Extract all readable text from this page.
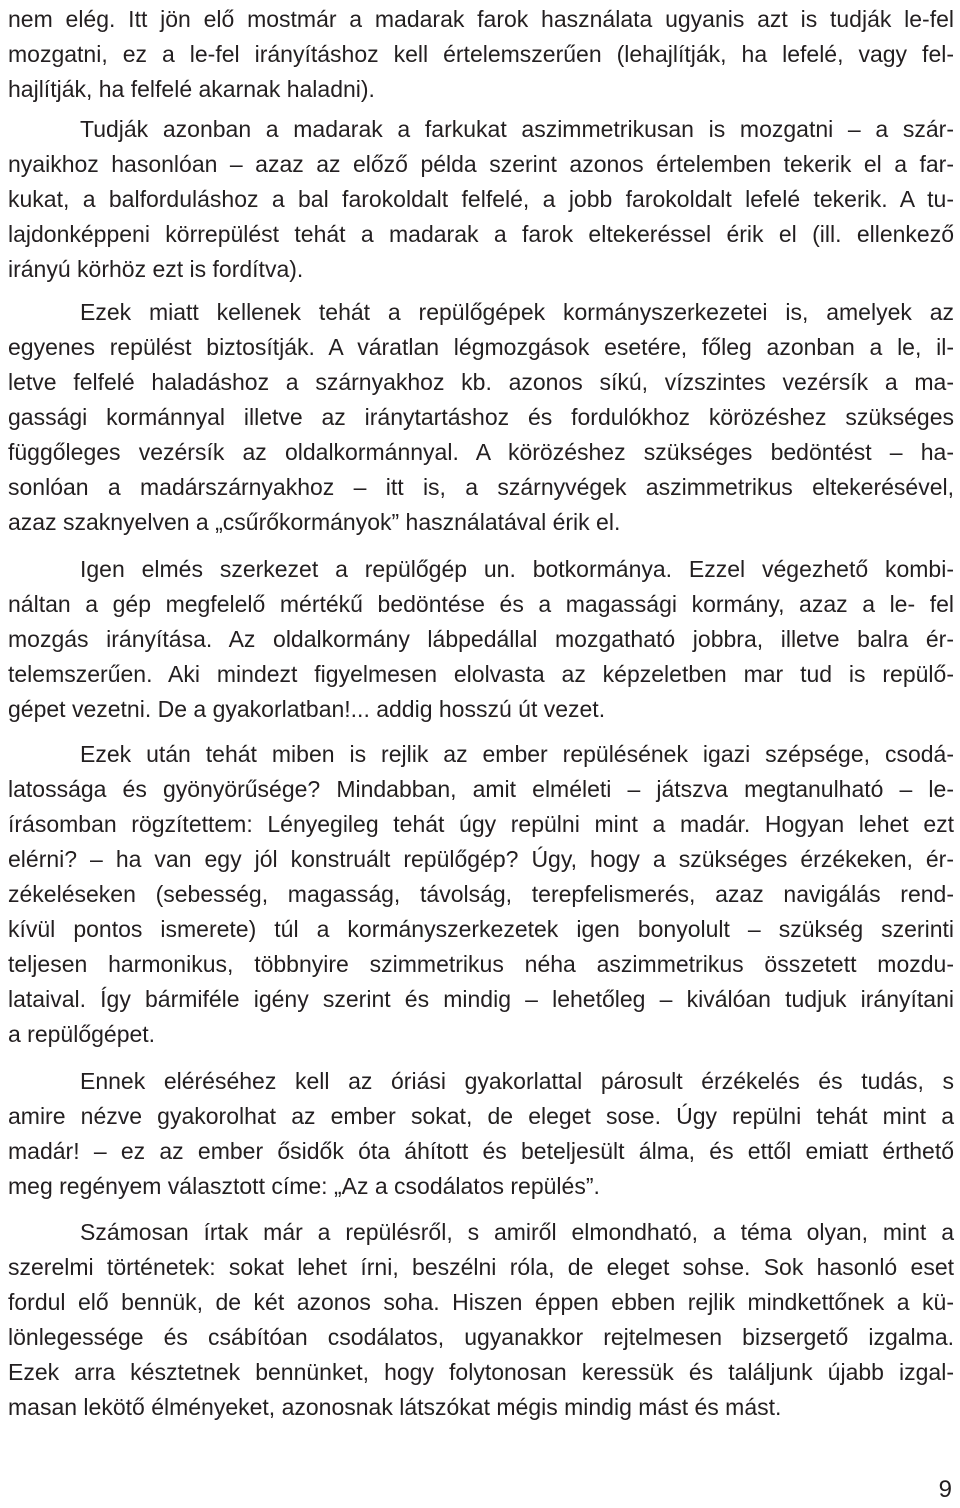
nem elég. Itt jön elő mostmár a madarak farok használata ugyanis azt is tudják le-fel
mozgatni, ez a le-fel irányításhoz kell értelemszerűen (lehajlítják, ha lefelé, vagy fel-
hajlítják, ha felfelé akarnak haladni).
Tudják azonban a madarak a farkukat aszimmetrikusan is mozgatni – a szár-
nyaikhoz hasonlóan – azaz az előző példa szerint azonos értelemben tekerik el a far-
kukat, a balforduláshoz a bal farokoldalt felfelé, a jobb farokoldalt lefelé tekerik. A tu-
lajdonképpeni körrepülést tehát a madarak a farok eltekeréssel érik el (ill. ellenkező
irányú körhöz ezt is fordítva).
Ezek miatt kellenek tehát a repülőgépek kormányszerkezetei is, amelyek az
egyenes repülést biztosítják. A váratlan légmozgások esetére, főleg azonban a le, il-
letve felfelé haladáshoz a szárnyakhoz kb. azonos síkú, vízszintes vezérsík a ma-
gassági kormánnyal illetve az iránytartáshoz és fordulókhoz körözéshez szükséges
függőleges vezérsík az oldalkormánnyal. A körözéshez szükséges bedöntést – ha-
sonlóan a madárszárnyakhoz – itt is, a szárnyvégek aszimmetrikus eltekerésével,
azaz szaknyelven a „csűrőkormányok” használatával érik el.
Igen elmés szerkezet a repülőgép un. botkormánya. Ezzel végezhető kombi-
náltan a gép megfelelő mértékű bedöntése és a magassági kormány, azaz a le- fel
mozgás irányítása. Az oldalkormány lábpedállal mozgatható jobbra, illetve balra ér-
telemszerűen. Aki mindezt figyelmesen elolvasta az képzeletben mar tud is repülő-
gépet vezetni. De a gyakorlatban!... addig hosszú út vezet.
Ezek után tehát miben is rejlik az ember repülésének igazi szépsége, csodá-
latossága és gyönyörűsége? Mindabban, amit elméleti – játszva megtanulható – le-
írásomban rögzítettem: Lényegileg tehát úgy repülni mint a madár. Hogyan lehet ezt
elérni? – ha van egy jól konstruált repülőgép? Úgy, hogy a szükséges érzékeken, ér-
zékeléseken (sebesség, magasság, távolság, terepfelismerés, azaz navigálás rend-
kívül pontos ismerete) túl a kormányszerkezetek igen bonyolult – szükség szerinti
teljesen harmonikus, többnyire szimmetrikus néha aszimmetrikus összetett mozdu-
lataival. Így bármiféle igény szerint és mindig – lehetőleg – kiválóan tudjuk irányítani
a repülőgépet.
Ennek eléréséhez kell az óriási gyakorlattal párosult érzékelés és tudás, s
amire nézve gyakorolhat az ember sokat, de eleget sose. Úgy repülni tehát mint a
madár! – ez az ember ősidők óta áhított és beteljesült álma, és ettől emiatt érthető
meg regényem választott címe: „Az a csodálatos repülés”.
Számosan írtak már a repülésről, s amiről elmondható, a téma olyan, mint a
szerelmi történetek: sokat lehet írni, beszélni róla, de eleget sohse. Sok hasonló eset
fordul elő bennük, de két azonos soha. Hiszen éppen ebben rejlik mindkettőnek a kü-
lönlegessége és csábítóan csodálatos, ugyanakkor rejtelmesen bizsergető izgalma.
Ezek arra késztetnek bennünket, hogy folytonosan keressük és találjunk újabb izgal-
masan lekötő élményeket, azonosnak látszókat mégis mindig mást és mást.
9
